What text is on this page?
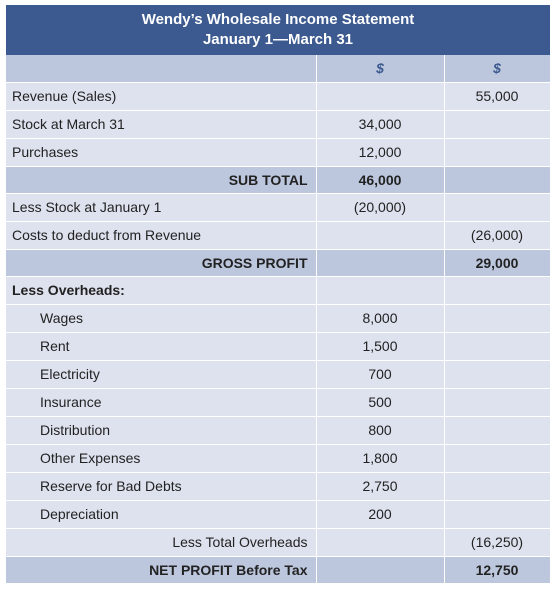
Wendy’s Wholesale Income Statement
January 1—March 31
	$	$
Revenue (Sales)		55,000
Stock at March 31	34,000	
Purchases	12,000	
SUB TOTAL	46,000	
Less Stock at January 1	(20,000)	
Costs to deduct from Revenue		(26,000)
GROSS PROFIT		29,000
Less Overheads:		
Wages	8,000	
Rent	1,500	
Electricity	700	
Insurance	500	
Distribution	800	
Other Expenses	1,800	
Reserve for Bad Debts	2,750	
Depreciation	200	
Less Total Overheads		(16,250)
NET PROFIT Before Tax		12,750
